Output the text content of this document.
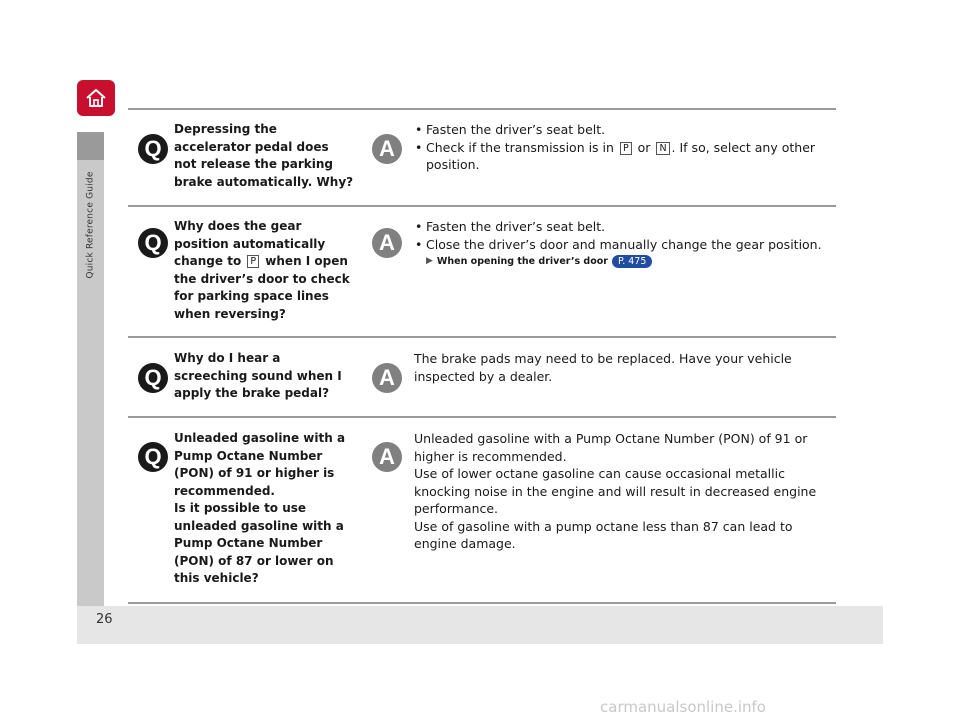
Quick Reference Guide
Q
Depressing the accelerator pedal does not release the parking brake automatically. Why?
A
• Fasten the driver’s seat belt.
• Check if the transmission is in P or N . If so, select any other position.
Q
Why does the gear position automatically change to P when I open the driver’s door to check for parking space lines when reversing?
A
• Fasten the driver’s seat belt.
• Close the driver’s door and manually change the gear position.
▶ When opening the driver’s door	P. 475
Q
Why do I hear a screeching sound when I apply the brake pedal?
A

The brake pads may need to be replaced. Have your vehicle inspected by a dealer.

Q
Unleaded gasoline with a Pump Octane Number (PON) of 91 or higher is recommended.
Is it possible to use unleaded gasoline with a Pump Octane Number (PON) of 87 or lower on this vehicle?
A

Unleaded gasoline with a Pump Octane Number (PON) of 91 or higher is recommended.

Use of lower octane gasoline can cause occasional metallic knocking noise in the engine and will result in decreased engine performance.

Use of gasoline with a pump octane less than 87 can lead to engine damage.

26
carmanualsonline.info
